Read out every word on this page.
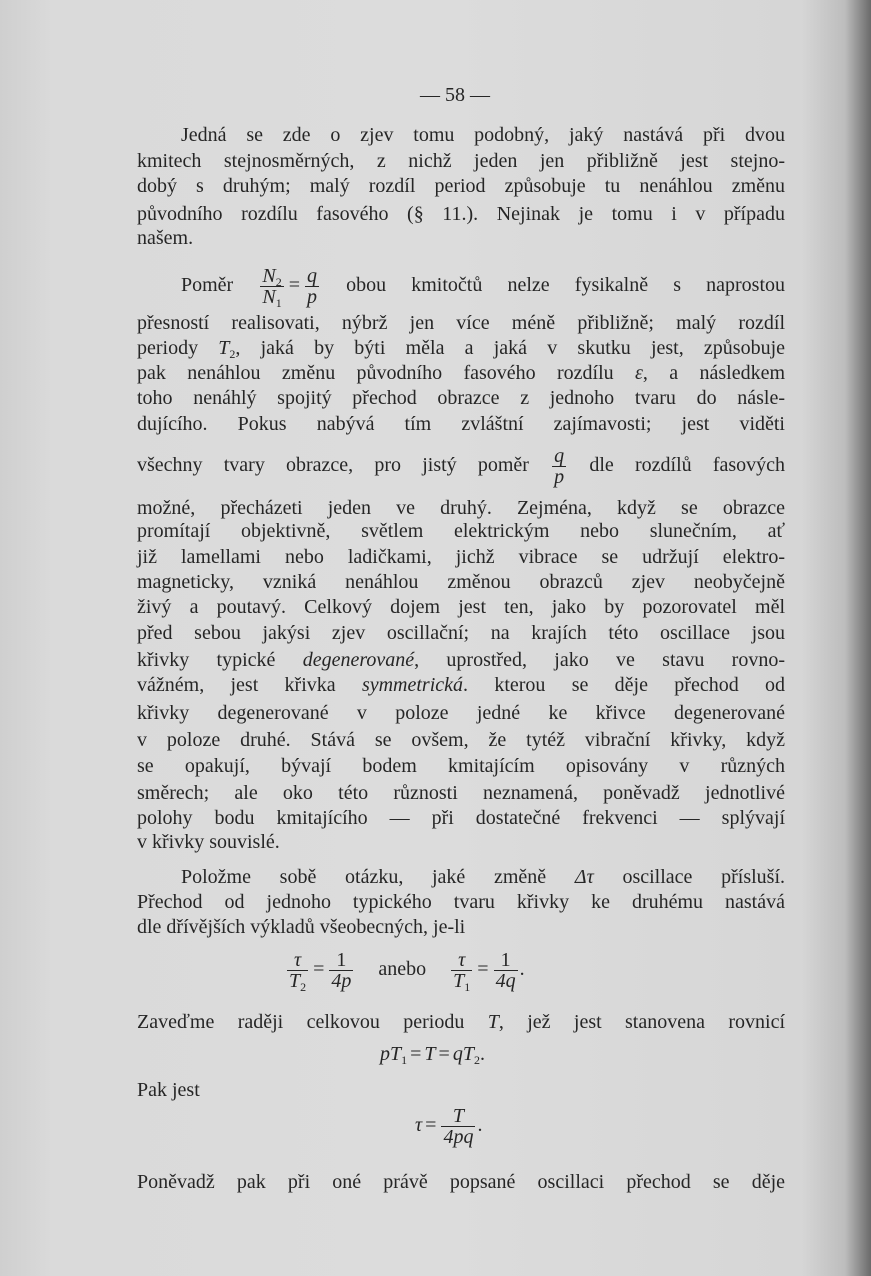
— 58 —
Jedná se zde o zjev tomu podobný, jaký nastává při dvou
kmitech stejnosměrných, z nichž jeden jen přibližně jest stejno-
dobý s druhým; malý rozdíl period způsobuje tu nenáhlou změnu
původního rozdílu fasového (§ 11.). Nejinak je tomu i v případu
našem.
Poměr $\frac{N_2}{N_1} = \frac{q}{p}$ obou kmitočtů nelze fysikalně s naprostou
přesností realisovati, nýbrž jen více méně přibližně; malý rozdíl
periody $T_2$, jaká by býti měla a jaká v skutku jest, způsobuje
pak nenáhlou změnu původního fasového rozdílu ε, a následkem
toho nenáhlý spojitý přechod obrazce z jednoho tvaru do násle-
dujícího. Pokus nabývá tím zvláštní zajímavosti; jest viděti
všechny tvary obrazce, pro jistý poměr $\frac{q}{p}$ dle rozdílů fasových
možné, přecházeti jeden ve druhý. Zejména, když se obrazce
promítají objektivně, světlem elektrickým nebo slunečním, ať
již lamellami nebo ladičkami, jichž vibrace se udržují elektro-
magneticky, vzniká nenáhlou změnou obrazců zjev neobyčejně
živý a poutavý. Celkový dojem jest ten, jako by pozorovatel měl
před sebou jakýsi zjev oscillační; na krajích této oscillace jsou
křivky typické degenerované, uprostřed, jako ve stavu rovno-
vážném, jest křivka symmetrická. kterou se děje přechod od
křivky degenerované v poloze jedné ke křivce degenerované
v poloze druhé. Stává se ovšem, že tytéž vibrační křivky, když
se opakují, bývají bodem kmitajícím opisovány v různých
směrech; ale oko této různosti neznamená, poněvadž jednotlivé
polohy bodu kmitajícího — při dostatečné frekvenci — splývají
v křivky souvislé.
Položme sobě otázku, jaké změně Δτ oscillace přísluší.
Přechod od jednoho typického tvaru křivky ke druhému nastává
dle dřívějších výkladů všeobecných, je-li
$\frac{\tau}{T_2} = \frac{1}{4p}$ anebo $\frac{\tau}{T_1} = \frac{1}{4q}$ .
Zaveďme raději celkovou periodu T, jež jest stanovena rovnicí
$pT_1 = T = qT_2$.
Pak jest
$\tau = \frac{T}{4pq}$ .
Poněvadž pak při oné právě popsané oscillaci přechod se děje
